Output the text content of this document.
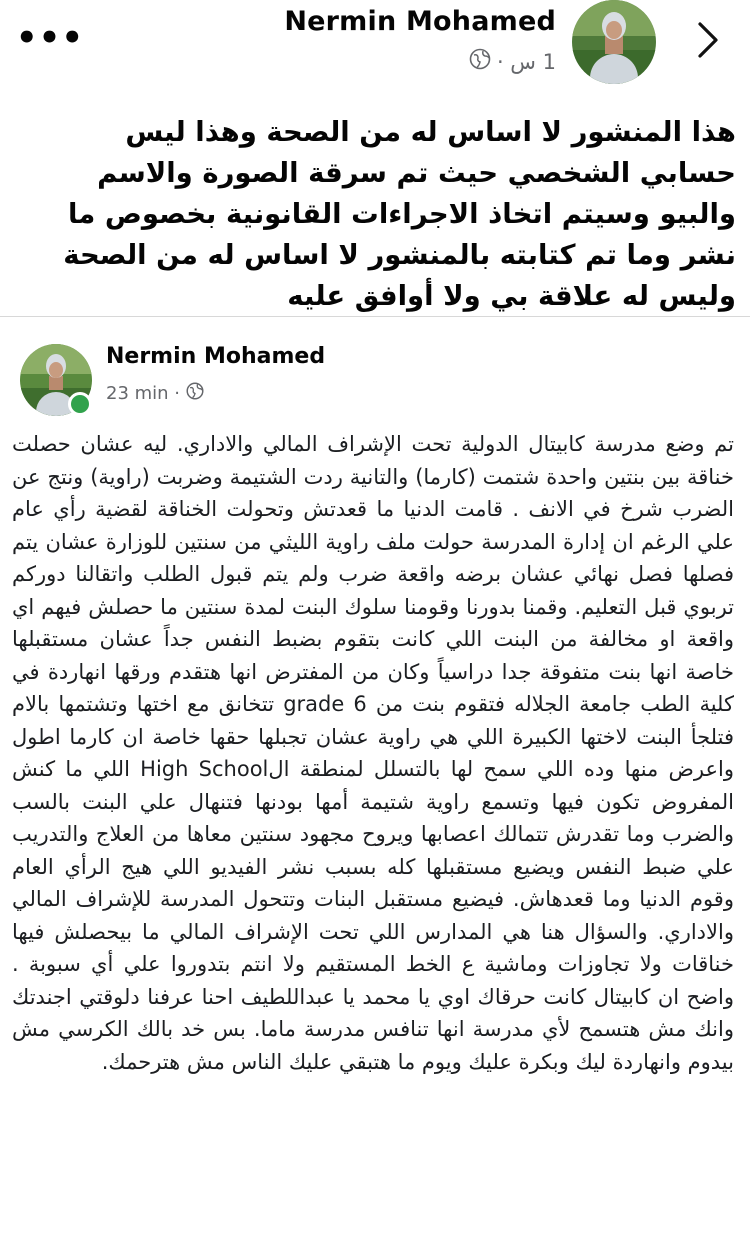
Nermin Mohamed
1 س ·
•••
هذا المنشور لا اساس له من الصحة وهذا ليس حسابي الشخصي حيث تم سرقة الصورة والاسم والبيو وسيتم اتخاذ الاجراءات القانونية بخصوص ما نشر وما تم كتابته بالمنشور لا اساس له من الصحة وليس له علاقة بي ولا أوافق عليه
Nermin Mohamed
23 min ·
تم وضع مدرسة كابيتال الدولية تحت الإشراف المالي والاداري. ليه عشان حصلت خناقة بين بنتين واحدة شتمت (كارما) والتانية ردت الشتيمة وضربت (راوية) ونتج عن الضرب شرخ في الانف . قامت الدنيا ما قعدتش وتحولت الخناقة لقضية رأي عام علي الرغم ان إدارة المدرسة حولت ملف راوية الليثي من سنتين للوزارة عشان يتم فصلها فصل نهائي عشان برضه واقعة ضرب ولم يتم قبول الطلب واتقالنا دوركم تربوي قبل التعليم. وقمنا بدورنا وقومنا سلوك البنت لمدة سنتين ما حصلش فيهم اي واقعة او مخالفة من البنت اللي كانت بتقوم بضبط النفس جداً عشان مستقبلها خاصة انها بنت متفوقة جدا دراسياً وكان من المفترض انها هتقدم ورقها انهاردة في كلية الطب جامعة الجلاله فتقوم بنت من grade 6 تتخانق مع اختها وتشتمها بالام فتلجأ البنت لاختها الكبيرة اللي هي راوية عشان تجبلها حقها خاصة ان كارما اطول واعرض منها وده اللي سمح لها بالتسلل لمنطقة الHigh School اللي ما كنش المفروض تكون فيها وتسمع راوية شتيمة أمها بودنها فتنهال علي البنت بالسب والضرب وما تقدرش تتمالك اعصابها ويروح مجهود سنتين معاها من العلاج والتدريب علي ضبط النفس ويضيع مستقبلها كله بسبب نشر الفيديو اللي هيج الرأي العام وقوم الدنيا وما قعدهاش. فيضيع مستقبل البنات وتتحول المدرسة للإشراف المالي والاداري. والسؤال هنا هي المدارس اللي تحت الإشراف المالي ما بيحصلش فيها خناقات ولا تجاوزات وماشية ع الخط المستقيم ولا انتم بتدوروا علي أي سبوبة . واضح ان كابيتال كانت حرقاك اوي يا محمد يا عبداللطيف احنا عرفنا دلوقتي اجندتك وانك مش هتسمح لأي مدرسة انها تنافس مدرسة ماما. بس خد بالك الكرسي مش بيدوم وانهاردة ليك وبكرة عليك ويوم ما هتبقي عليك الناس مش هترحمك.
